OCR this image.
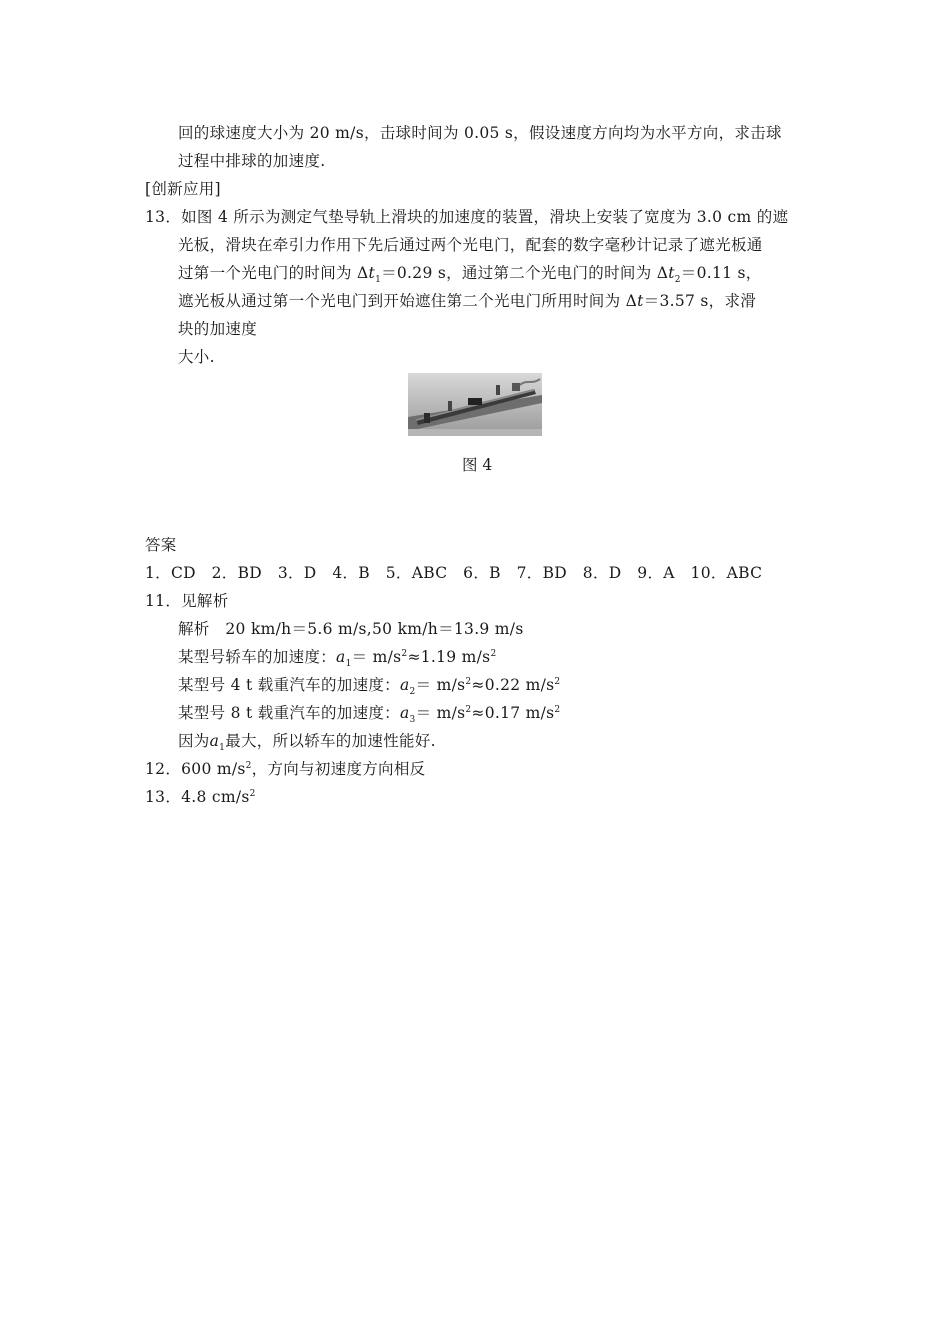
回的球速度大小为 20 m/s，击球时间为 0.05 s，假设速度方向均为水平方向，求击球
过程中排球的加速度.
[创新应用]
13．如图 4 所示为测定气垫导轨上滑块的加速度的装置，滑块上安装了宽度为 3.0 cm 的遮
光板，滑块在牵引力作用下先后通过两个光电门，配套的数字毫秒计记录了遮光板通
过第一个光电门的时间为 $\Delta t_1=0.29$ s，通过第二个光电门的时间为 $\Delta t_2=0.11$ s，
遮光板从通过第一个光电门到开始遮住第二个光电门所用时间为 Δt＝3.57 s，求滑
块的加速度
大小.
图 4
答案
1．CD　2．BD　3．D　4．B　5．ABC　6．B　7．BD　8．D　9．A　10．ABC
11．见解析
解析　20 km/h＝5.6 m/s,50 km/h＝13.9 m/s
某型号轿车的加速度：$a_1= m/s^2\approx 1.19$ $m/s^2$
某型号 4 t 载重汽车的加速度：$a_2= m/s^2\approx 0.22$ $m/s^2$
某型号 8 t 载重汽车的加速度：$a_3= m/s^2\approx 0.17$ $m/s^2$
因为$a_1$最大，所以轿车的加速性能好.
12．600 $m/s^2$，方向与初速度方向相反
13．4.8 $cm/s^2$
